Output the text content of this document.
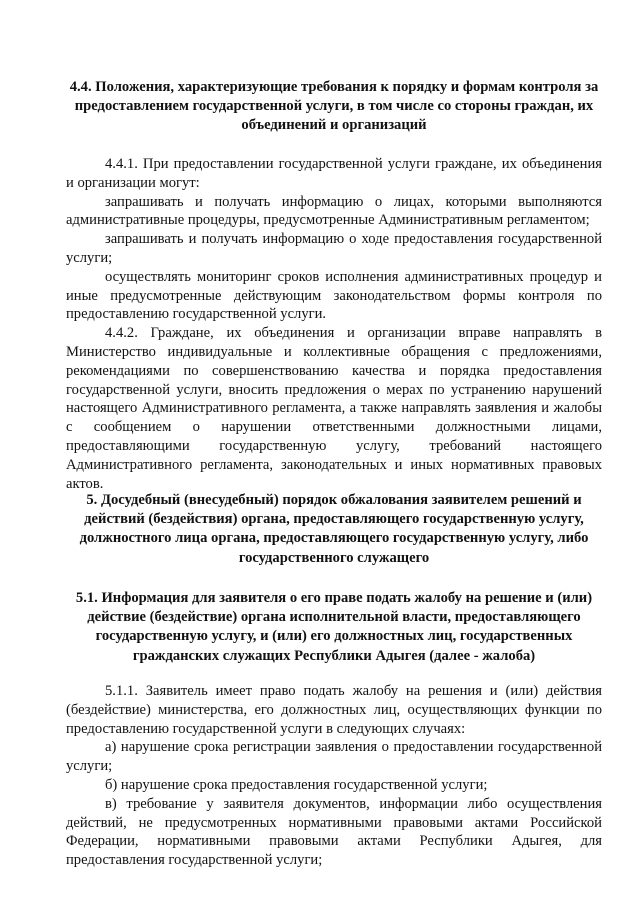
4.4. Положения, характеризующие требования к порядку и формам контроля за предоставлением государственной услуги, в том числе со стороны граждан, их объединений и организаций

4.4.1. При предоставлении государственной услуги граждане, их объединения и организации могут:

запрашивать и получать информацию о лицах, которыми выполняются административные процедуры, предусмотренные Административным регламентом;

запрашивать и получать информацию о ходе предоставления государственной услуги;

осуществлять мониторинг сроков исполнения административных процедур и иные предусмотренные действующим законодательством формы контроля по предоставлению государственной услуги.

4.4.2. Граждане, их объединения и организации вправе направлять в Министерство индивидуальные и коллективные обращения с предложениями, рекомендациями по совершенствованию качества и порядка предоставления государственной услуги, вносить предложения о мерах по устранению нарушений настоящего Административного регламента, а также направлять заявления и жалобы с сообщением о нарушении ответственными должностными лицами, предоставляющими государственную услугу, требований настоящего Административного регламента, законодательных и иных нормативных правовых актов.

5. Досудебный (внесудебный) порядок обжалования заявителем решений и действий (бездействия) органа, предоставляющего государственную услугу, должностного лица органа, предоставляющего государственную услугу, либо государственного служащего
5.1. Информация для заявителя о его праве подать жалобу на решение и (или) действие (бездействие) органа исполнительной власти, предоставляющего государственную услугу, и (или) его должностных лиц, государственных гражданских служащих Республики Адыгея (далее - жалоба)

5.1.1. Заявитель имеет право подать жалобу на решения и (или) действия (бездействие) министерства, его должностных лиц, осуществляющих функции по предоставлению государственной услуги в следующих случаях:

а) нарушение срока регистрации заявления о предоставлении государственной услуги;

б) нарушение срока предоставления государственной услуги;

в) требование у заявителя документов, информации либо осуществления действий, не предусмотренных нормативными правовыми актами Российской Федерации, нормативными правовыми актами Республики Адыгея, для предоставления государственной услуги;
